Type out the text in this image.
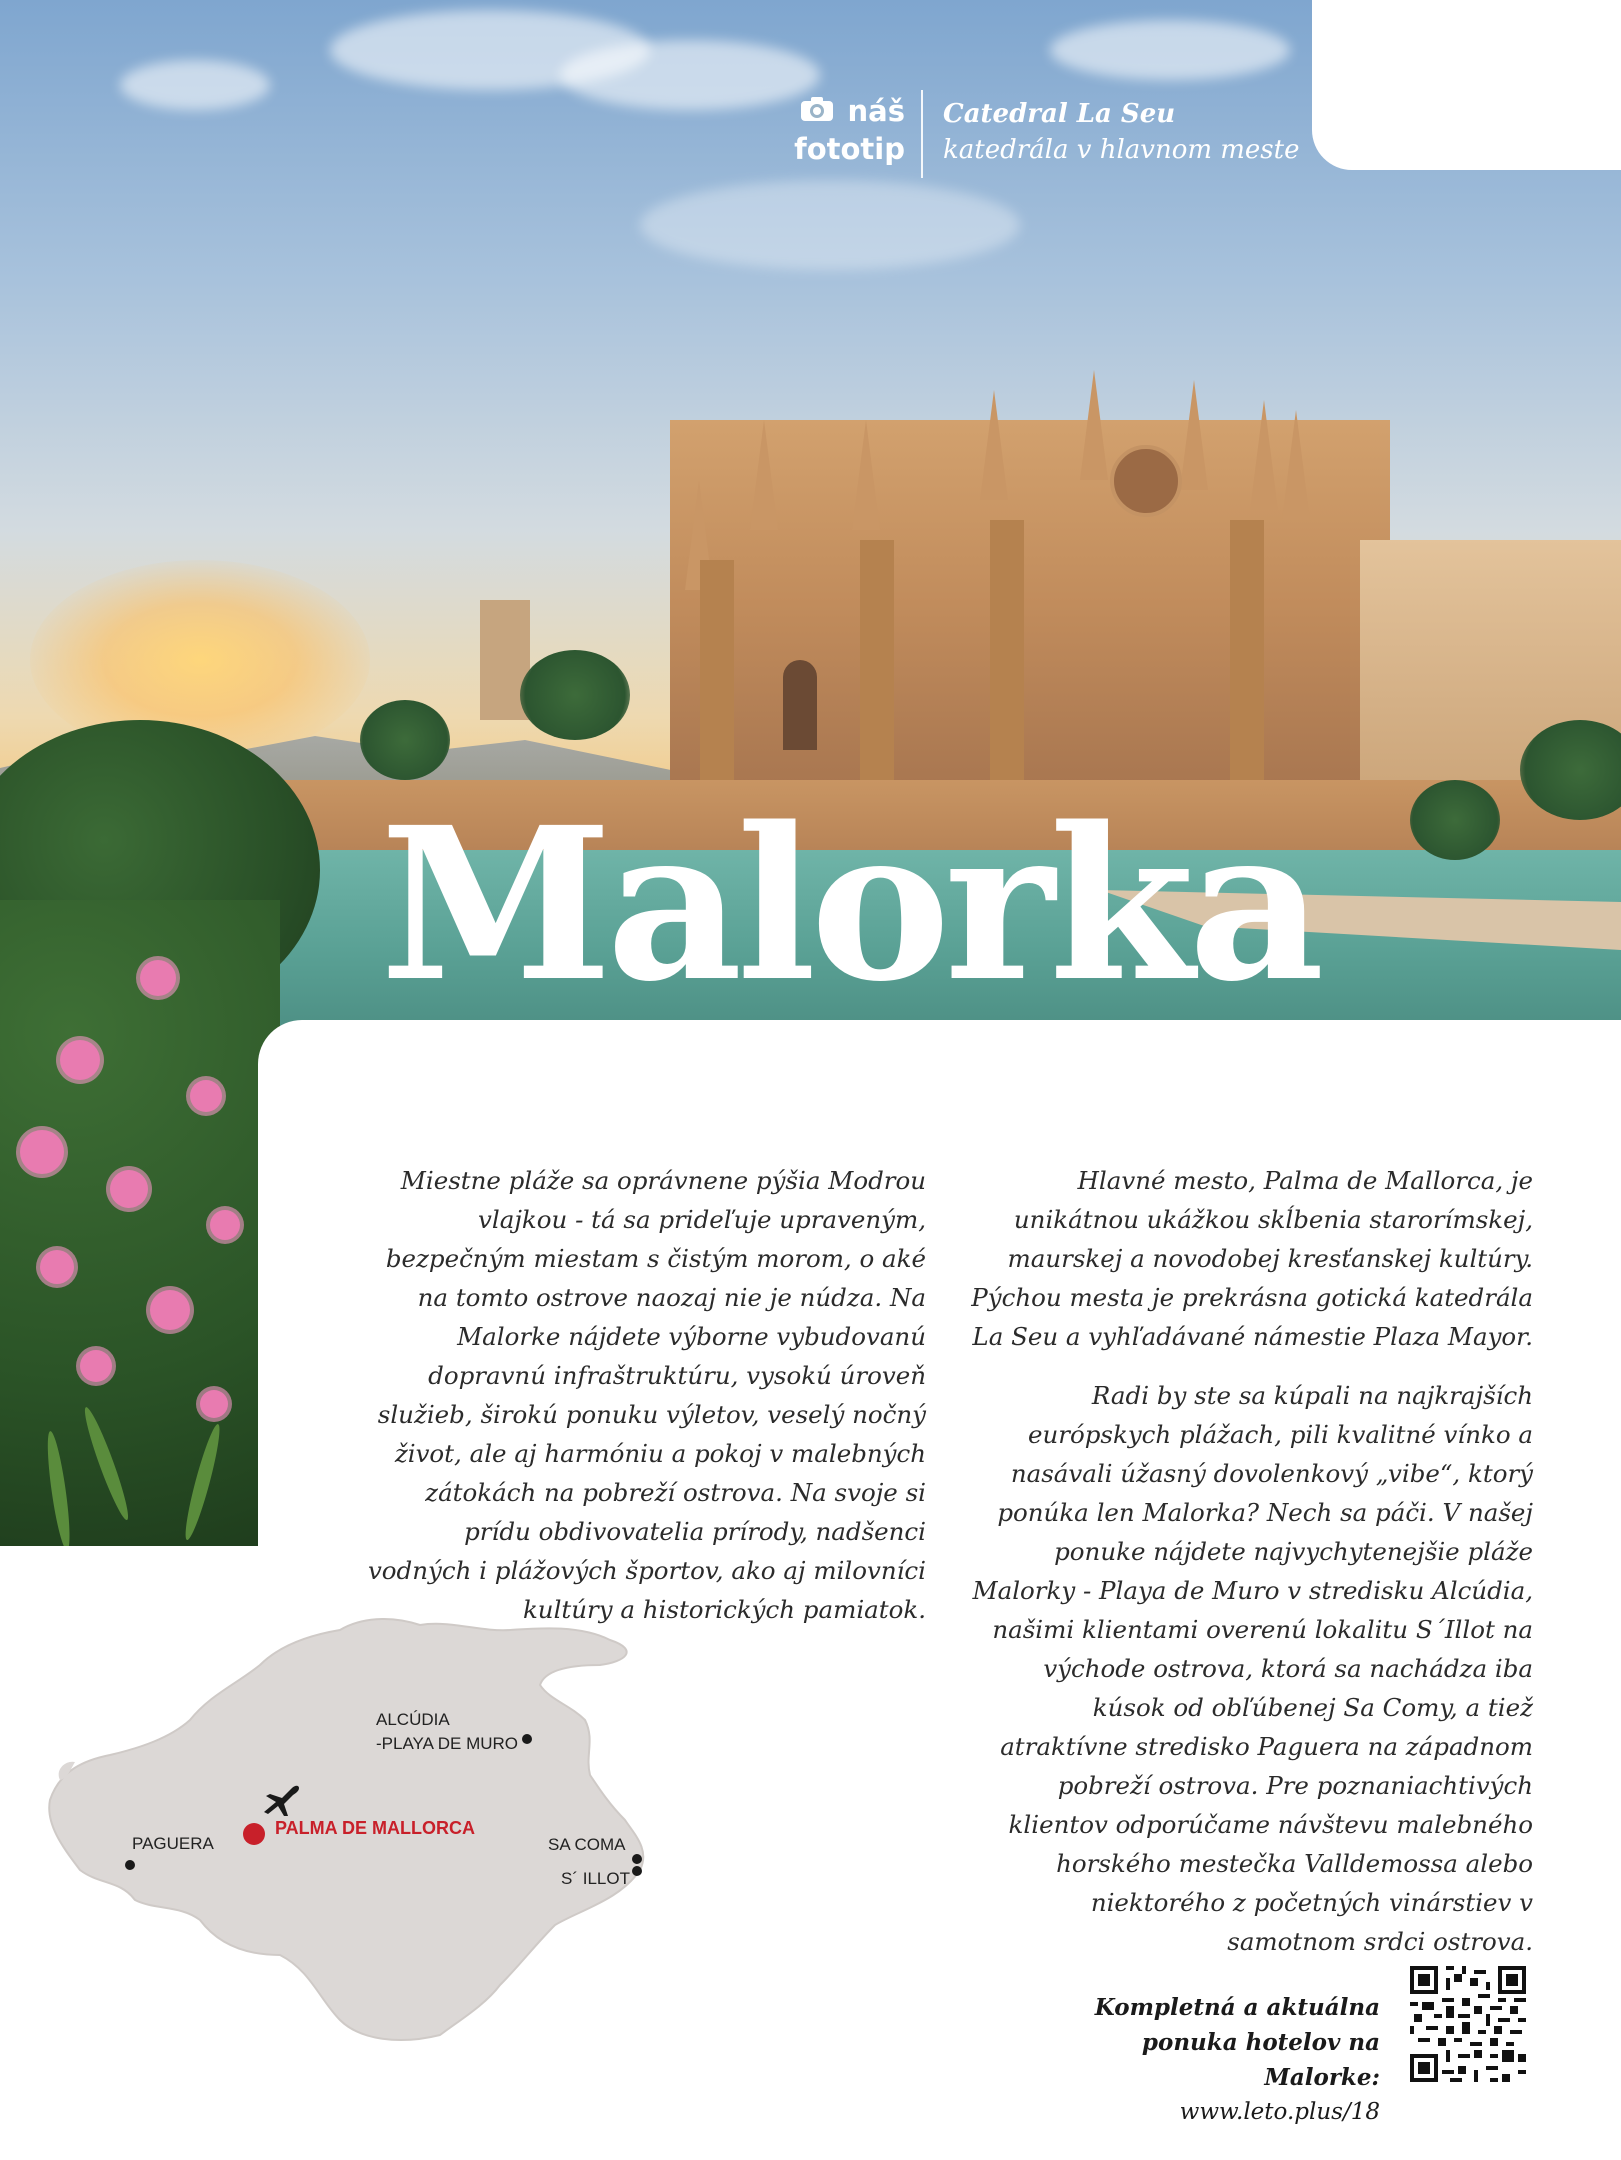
náš
fototip
Catedral La Seu
katedrála v hlavnom meste
Malorka

Miestne pláže sa oprávnene pýšia Modrou vlajkou - tá sa prideľuje upraveným, bezpečným miestam s čistým morom, o aké na tomto ostrove naozaj nie je núdza. Na Malorke nájdete výborne vybudovanú dopravnú infraštruktúru, vysokú úroveň služieb, širokú ponuku výletov, veselý nočný život, ale aj harmóniu a pokoj v malebných zátokách na pobreží ostrova. Na svoje si prídu obdivovatelia prírody, nadšenci vodných i plážových športov, ako aj milovníci kultúry a historických pamiatok.

Hlavné mesto, Palma de Mallorca, je unikátnou ukážkou skĺbenia starorímskej, maurskej a novodobej kresťanskej kultúry. Pýchou mesta je prekrásna gotická katedrála La Seu a vyhľadávané námestie Plaza Mayor.

Radi by ste sa kúpali na najkrajších európskych plážach, pili kvalitné vínko a nasávali úžasný dovolenkový „vibe“, ktorý ponúka len Malorka? Nech sa páči. V našej ponuke nájdete najvychytenejšie pláže Malorky - Playa de Muro v stredisku Alcúdia, našimi klientami overenú lokalitu S´Illot na východe ostrova, ktorá sa nachádza iba kúsok od obľúbenej Sa Comy, a tiež atraktívne stredisko Paguera na západnom pobreží ostrova. Pre poznaniachtivých klientov odporúčame návštevu malebného horského mestečka Valldemossa alebo niektorého z početných vinárstiev v samotnom srdci ostrova.

ALCÚDIA
-PLAYA DE MURO
PALMA DE MALLORCA
PAGUERA	SA COMA
S´ ILLOT
Kompletná a aktuálna
ponuka hotelov na Malorke:
www.leto.plus/18
